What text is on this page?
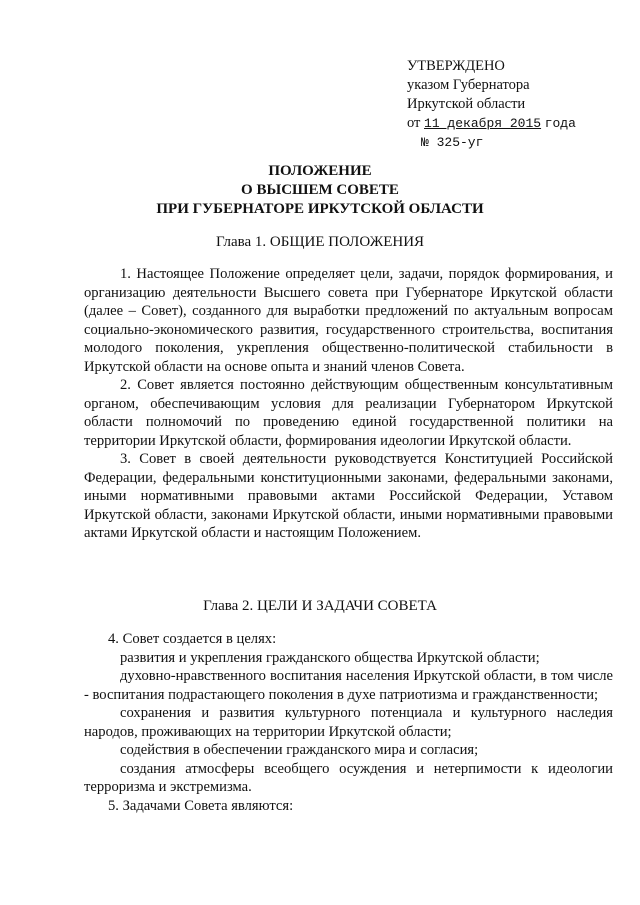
УТВЕРЖДЕНО
указом Губернатора
Иркутской области
от 11 декабря 2015 года
№ 325-уг
ПОЛОЖЕНИЕ
О ВЫСШЕМ СОВЕТЕ
ПРИ ГУБЕРНАТОРЕ ИРКУТСКОЙ ОБЛАСТИ
Глава 1. ОБЩИЕ ПОЛОЖЕНИЯ

1. Настоящее Положение определяет цели, задачи, порядок формирования, и организацию деятельности Высшего совета при Губернаторе Иркутской области (далее – Совет), созданного для выработки предложений по актуальным вопросам социально-экономического развития, государственного строительства, воспитания молодого поколения, укрепления общественно-политической стабильности в Иркутской области на основе опыта и знаний членов Совета.

2. Совет является постоянно действующим общественным консультативным органом, обеспечивающим условия для реализации Губернатором Иркутской области полномочий по проведению единой государственной политики на территории Иркутской области, формирования идеологии Иркутской области.

3. Совет в своей деятельности руководствуется Конституцией Российской Федерации, федеральными конституционными законами, федеральными законами, иными нормативными правовыми актами Российской Федерации, Уставом Иркутской области, законами Иркутской области, иными нормативными правовыми актами Иркутской области и настоящим Положением.

Глава 2. ЦЕЛИ И ЗАДАЧИ СОВЕТА

4. Совет создается в целях:

развития и укрепления гражданского общества Иркутской области;

духовно-нравственного воспитания населения Иркутской области, в том числе - воспитания подрастающего поколения в духе патриотизма и гражданственности;

сохранения и развития культурного потенциала и культурного наследия народов, проживающих на территории Иркутской области;

содействия в обеспечении гражданского мира и согласия;

создания атмосферы всеобщего осуждения и нетерпимости к идеологии терроризма и экстремизма.

5. Задачами Совета являются:
